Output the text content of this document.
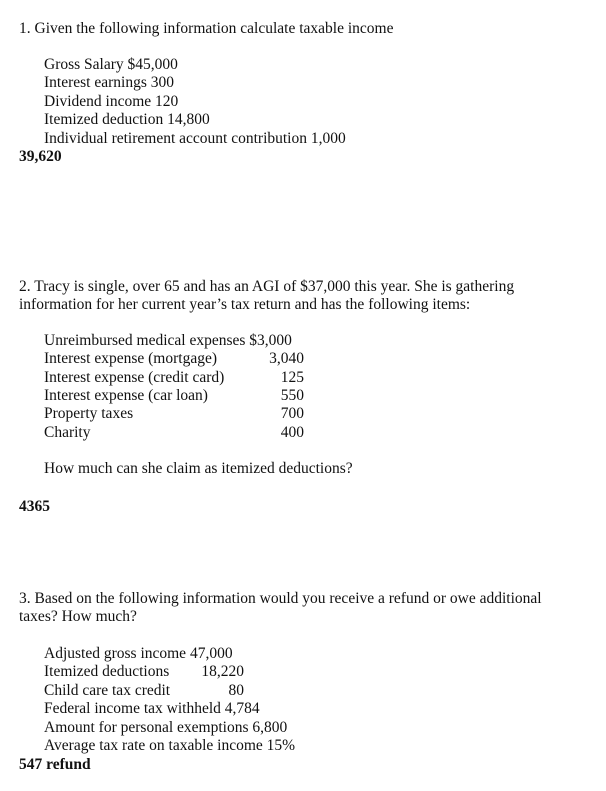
1. Given the following information calculate taxable income
Gross Salary $45,000
Interest earnings 300
Dividend income 120
Itemized deduction 14,800
Individual retirement account contribution 1,000
39,620
2. Tracy is single, over 65 and has an AGI of $37,000 this year. She is gathering
information for her current year’s tax return and has the following items:
Unreimbursed medical expenses $3,000
Interest expense (mortgage)	3,040
Interest expense (credit card)	125
Interest expense (car loan)	550
Property taxes	700
Charity	400
How much can she claim as itemized deductions?
4365
3. Based on the following information would you receive a refund or owe additional
taxes? How much?
Adjusted gross income 47,000
Itemized deductions	18,220
Child care tax credit	80
Federal income tax withheld 4,784
Amount for personal exemptions 6,800
Average tax rate on taxable income 15%
547 refund
